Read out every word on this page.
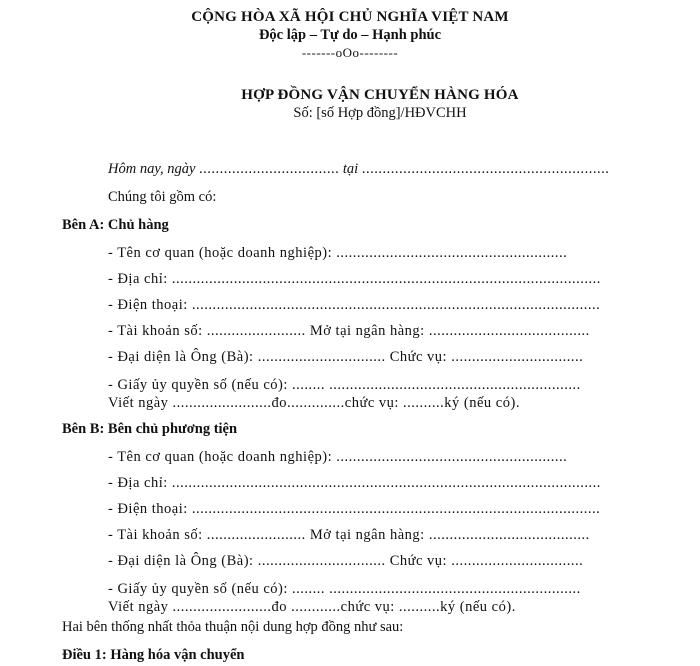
CỘNG HÒA XÃ HỘI CHỦ NGHĨA VIỆT NAM
Độc lập – Tự do – Hạnh phúc
-------oOo--------
HỢP ĐỒNG VẬN CHUYỂN HÀNG HÓA
Số: [số Hợp đồng]/HĐVCHH
Hôm nay, ngày .................................. tại ............................................................
Chúng tôi gồm có:
Bên A: Chủ hàng
- Tên cơ quan (hoặc doanh nghiệp): ........................................................
- Địa chỉ: ........................................................................................................
- Điện thoại: ...................................................................................................
- Tài khoản số: ........................ Mở tại ngân hàng: .......................................
- Đại diện là Ông (Bà): ............................... Chức vụ: ................................
- Giấy ủy quyền số (nếu có): ........ .............................................................
Viết ngày ........................đo..............chức vụ: ..........ký (nếu có).
Bên B: Bên chủ phương tiện
- Tên cơ quan (hoặc doanh nghiệp): ........................................................
- Địa chỉ: ........................................................................................................
- Điện thoại: ...................................................................................................
- Tài khoản số: ........................ Mở tại ngân hàng: .......................................
- Đại diện là Ông (Bà): ............................... Chức vụ: ................................
- Giấy ủy quyền số (nếu có): ........ .............................................................
Viết ngày ........................đo ............chức vụ: ..........ký (nếu có).
Hai bên thống nhất thỏa thuận nội dung hợp đồng như sau:
Điều 1: Hàng hóa vận chuyển
